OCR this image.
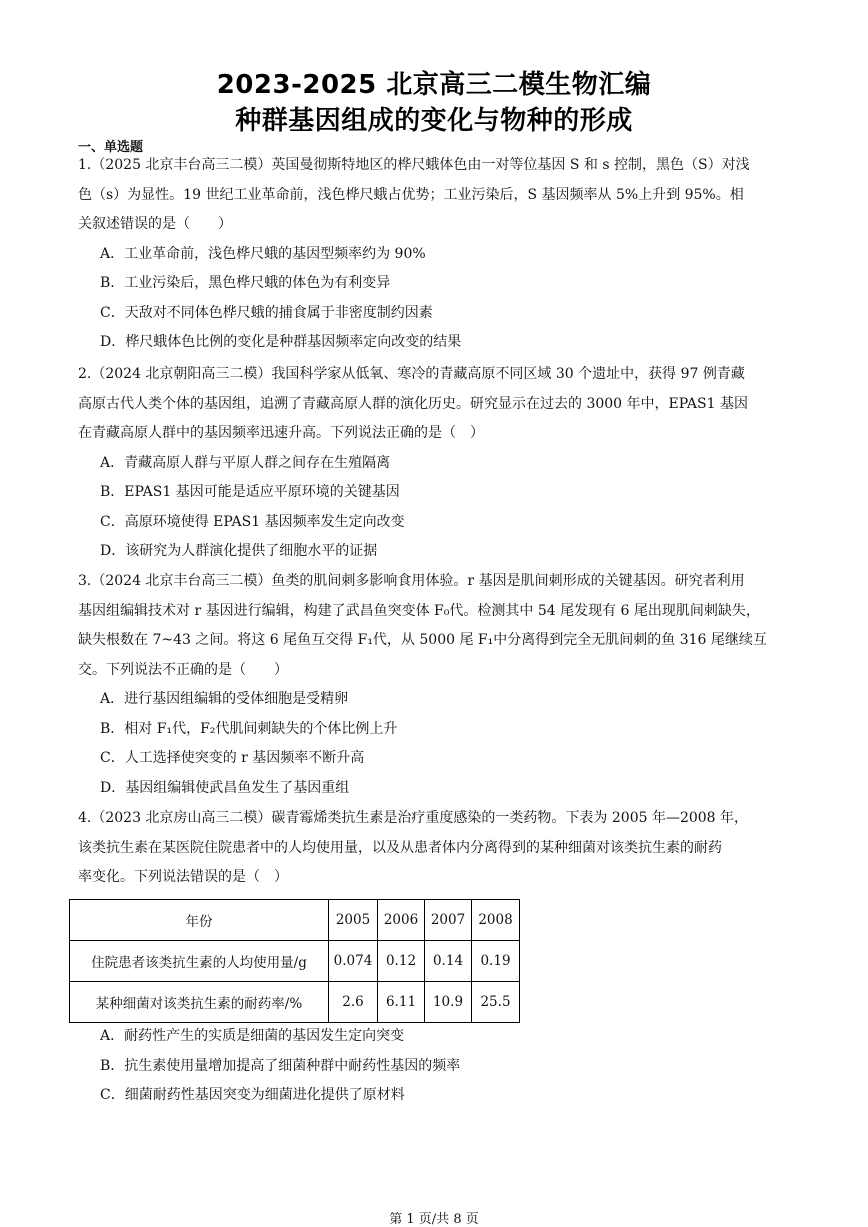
2023-2025 北京高三二模生物汇编
种群基因组成的变化与物种的形成
一、单选题
1.（2025 北京丰台高三二模）英国曼彻斯特地区的桦尺蛾体色由一对等位基因 S 和 s 控制，黑色（S）对浅
色（s）为显性。19 世纪工业革命前，浅色桦尺蛾占优势；工业污染后，S 基因频率从 5%上升到 95%。相
关叙述错误的是（　　）
A．工业革命前，浅色桦尺蛾的基因型频率约为 90%
B．工业污染后，黑色桦尺蛾的体色为有利变异
C．天敌对不同体色桦尺蛾的捕食属于非密度制约因素
D．桦尺蛾体色比例的变化是种群基因频率定向改变的结果
2.（2024 北京朝阳高三二模）我国科学家从低氧、寒冷的青藏高原不同区域 30 个遗址中，获得 97 例青藏
高原古代人类个体的基因组，追溯了青藏高原人群的演化历史。研究显示在过去的 3000 年中，EPAS1 基因
在青藏高原人群中的基因频率迅速升高。下列说法正确的是（　）
A．青藏高原人群与平原人群之间存在生殖隔离
B．EPAS1 基因可能是适应平原环境的关键基因
C．高原环境使得 EPAS1 基因频率发生定向改变
D．该研究为人群演化提供了细胞水平的证据
3.（2024 北京丰台高三二模）鱼类的肌间刺多影响食用体验。r 基因是肌间刺形成的关键基因。研究者利用
基因组编辑技术对 r 基因进行编辑，构建了武昌鱼突变体 F₀代。检测其中 54 尾发现有 6 尾出现肌间刺缺失，
缺失根数在 7~43 之间。将这 6 尾鱼互交得 F₁代，从 5000 尾 F₁中分离得到完全无肌间刺的鱼 316 尾继续互
交。下列说法不正确的是（　　）
A．进行基因组编辑的受体细胞是受精卵
B．相对 F₁代，F₂代肌间刺缺失的个体比例上升
C．人工选择使突变的 r 基因频率不断升高
D．基因组编辑使武昌鱼发生了基因重组
4.（2023 北京房山高三二模）碳青霉烯类抗生素是治疗重度感染的一类药物。下表为 2005 年—2008 年，
该类抗生素在某医院住院患者中的人均使用量，以及从患者体内分离得到的某种细菌对该类抗生素的耐药
率变化。下列说法错误的是（　）
年份	2005	2006	2007	2008
住院患者该类抗生素的人均使用量/g	0.074	0.12	0.14	0.19
某种细菌对该类抗生素的耐药率/%	2.6	6.11	10.9	25.5
A．耐药性产生的实质是细菌的基因发生定向突变
B．抗生素使用量增加提高了细菌种群中耐药性基因的频率
C．细菌耐药性基因突变为细菌进化提供了原材料
第 1 页/共 8 页
